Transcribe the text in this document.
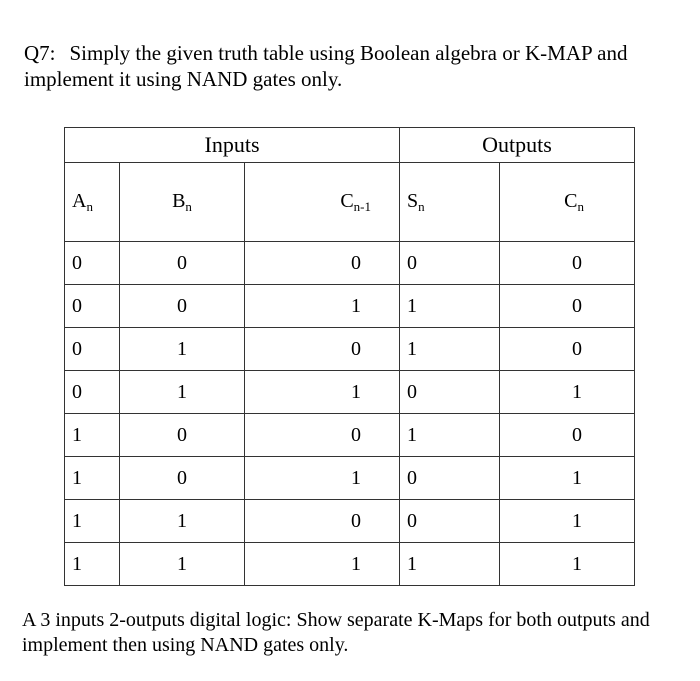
Q7: Simply the given truth table using Boolean algebra or K-MAP and implement it using NAND gates only.

Inputs			Outputs	
$A_n$	$B_n$	$C_{n-1}$	$S_n$	$C_n$
0	0	0	0	0
0	0	1	1	0
0	1	0	1	0
0	1	1	0	1
1	0	0	1	0
1	0	1	0	1
1	1	0	0	1
1	1	1	1	1

A 3 inputs 2-outputs digital logic: Show separate K-Maps for both outputs and implement then using NAND gates only.
